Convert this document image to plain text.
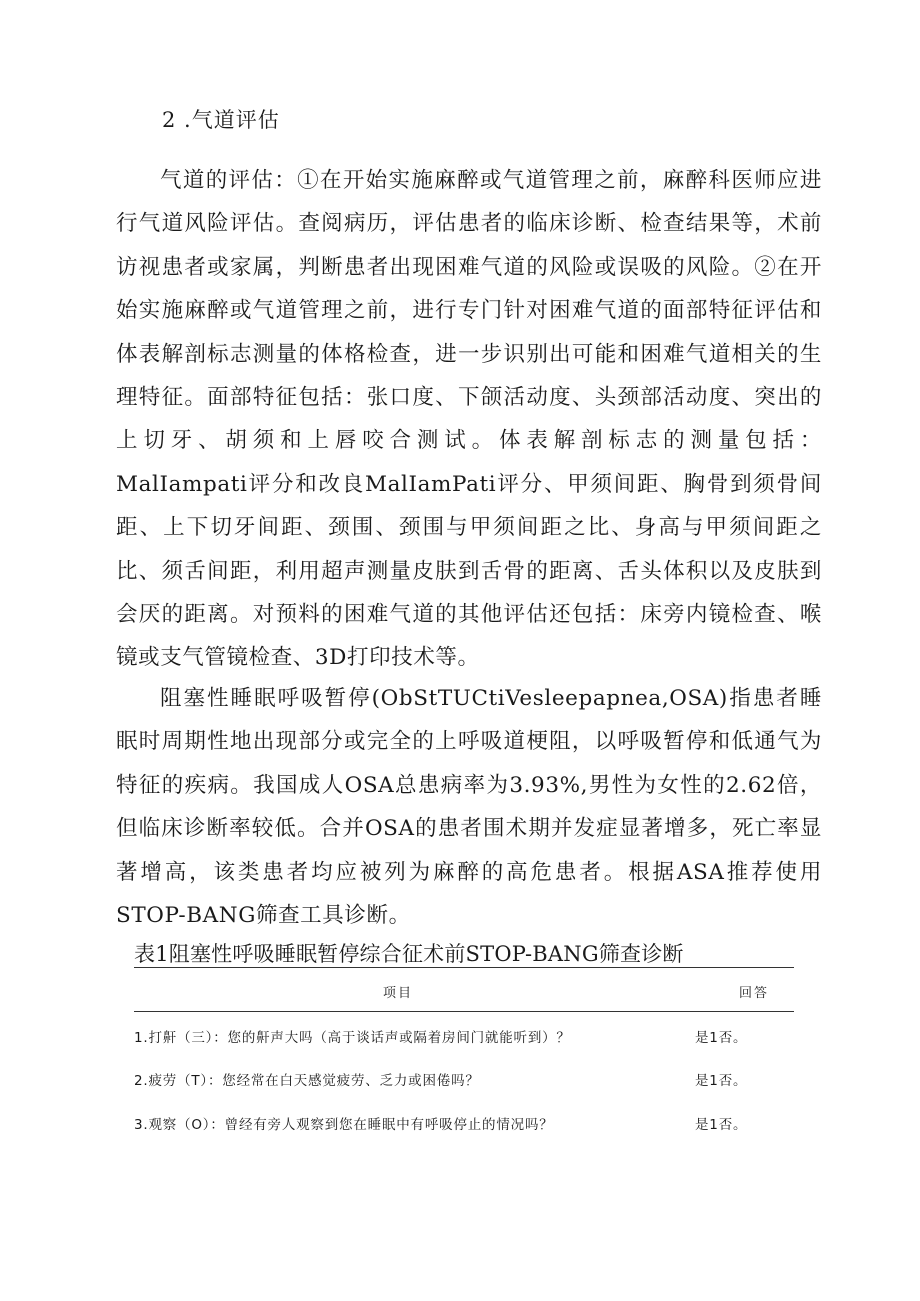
2 .气道评估

气道的评估：①在开始实施麻醉或气道管理之前，麻醉科医师应进行气道风险评估。查阅病历，评估患者的临床诊断、检查结果等，术前访视患者或家属，判断患者出现困难气道的风险或误吸的风险。②在开始实施麻醉或气道管理之前，进行专门针对困难气道的面部特征评估和体表解剖标志测量的体格检查，进一步识别出可能和困难气道相关的生理特征。面部特征包括：张口度、下颌活动度、头颈部活动度、突出的上切牙、胡须和上唇咬合测试。体表解剖标志的测量包括：MalIampati评分和改良MalIamPati评分、甲须间距、胸骨到须骨间距、上下切牙间距、颈围、颈围与甲须间距之比、身高与甲须间距之比、须舌间距，利用超声测量皮肤到舌骨的距离、舌头体积以及皮肤到会厌的距离。对预料的困难气道的其他评估还包括：床旁内镜检查、喉镜或支气管镜检查、3D打印技术等。

阻塞性睡眠呼吸暂停(ObStTUCtiVesleepapnea,OSA)指患者睡眠时周期性地出现部分或完全的上呼吸道梗阻，以呼吸暂停和低通气为特征的疾病。我国成人OSA总患病率为3.93%,男性为女性的2.62倍，但临床诊断率较低。合并OSA的患者围术期并发症显著增多，死亡率显著增高，该类患者均应被列为麻醉的高危患者。根据ASA推荐使用STOP-BANG筛查工具诊断。

表1阻塞性呼吸睡眠暂停综合征术前STOP-BANG筛查诊断
项目	回答
1.打鼾（三）：您的鼾声大吗（高于谈话声或隔着房间门就能听到）？	是1否。
2.疲劳（T）：您经常在白天感觉疲劳、乏力或困倦吗？	是1否。
3.观察（O）：曾经有旁人观察到您在睡眠中有呼吸停止的情况吗？	是1否。
